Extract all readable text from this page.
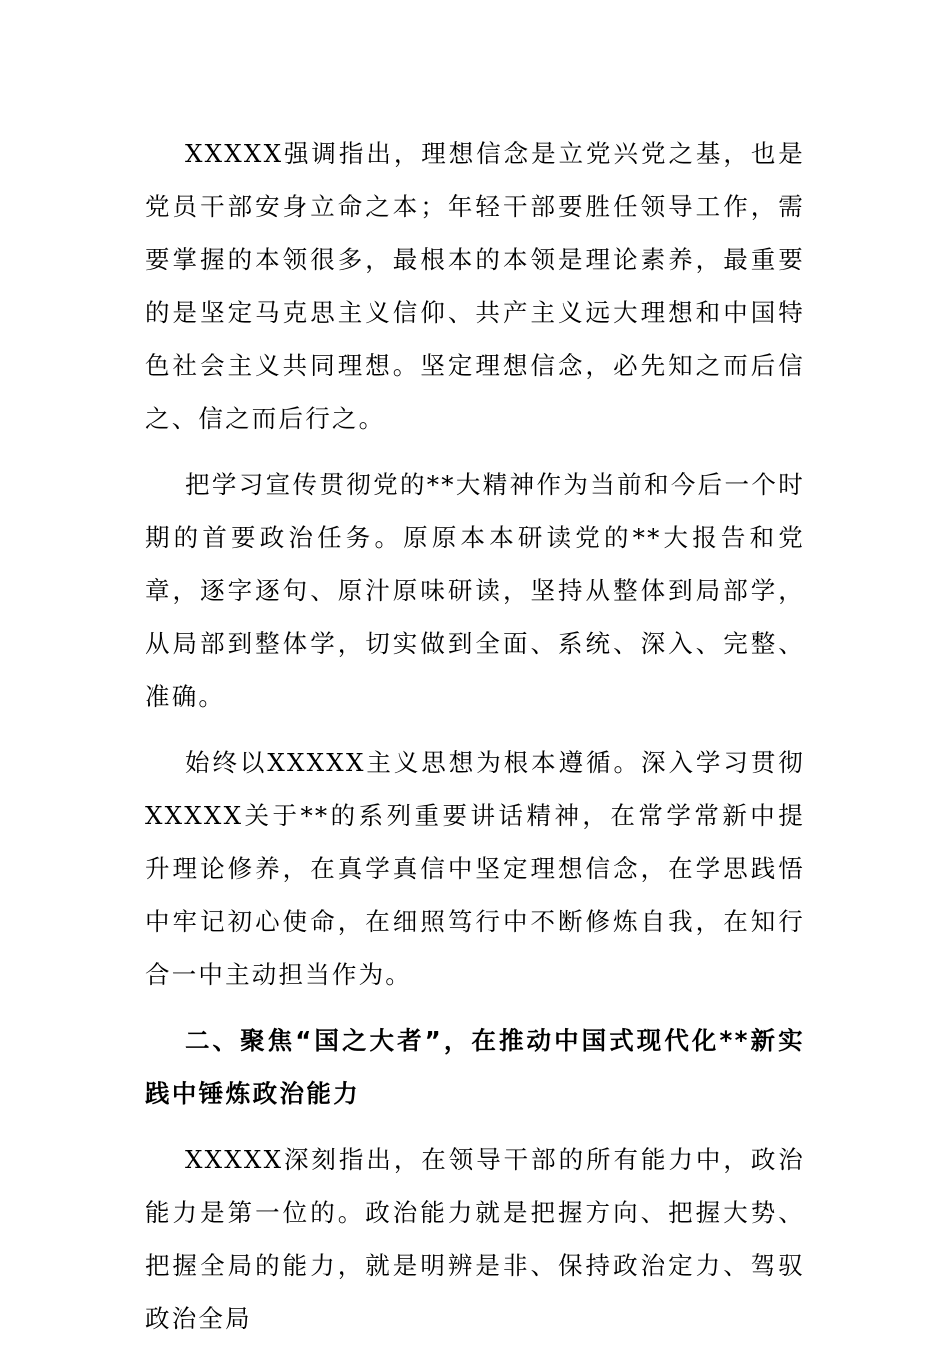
XXXXX强调指出，理想信念是立党兴党之基，也是党员干部安身立命之本；年轻干部要胜任领导工作，需要掌握的本领很多，最根本的本领是理论素养，最重要的是坚定马克思主义信仰、共产主义远大理想和中国特色社会主义共同理想。坚定理想信念，必先知之而后信之、信之而后行之。

把学习宣传贯彻党的**大精神作为当前和今后一个时期的首要政治任务。原原本本研读党的**大报告和党章，逐字逐句、原汁原味研读，坚持从整体到局部学，从局部到整体学，切实做到全面、系统、深入、完整、准确。

始终以XXXXX主义思想为根本遵循。深入学习贯彻XXXXX关于**的系列重要讲话精神，在常学常新中提升理论修养，在真学真信中坚定理想信念，在学思践悟中牢记初心使命，在细照笃行中不断修炼自我，在知行合一中主动担当作为。

二、聚焦“国之大者”，在推动中国式现代化**新实践中锤炼政治能力

XXXXX深刻指出，在领导干部的所有能力中，政治能力是第一位的。政治能力就是把握方向、把握大势、把握全局的能力，就是明辨是非、保持政治定力、驾驭政治全局
